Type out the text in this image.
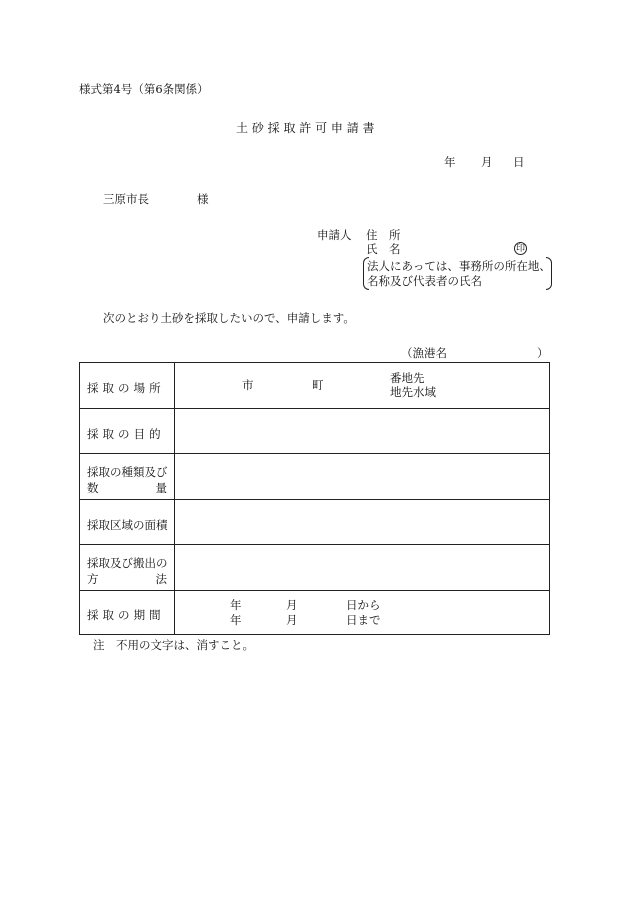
様式第4号（第6条関係）
土 砂 採 取 許 可 申 請 書
年 月 日
三原市長	様
申請人 住　所
氏　名	印
法人にあっては、事務所の所在地、
名称及び代表者の氏名
次のとおり土砂を採取したいので、申請します。
（漁港名	）
採取の場所	市	町	番地先
地先水域
採取の目的
採取の種類及び
数	量
採取区域の面積
採取及び搬出の
方	法
採取の期間
年	月	日から
年	月	日まで
注　不用の文字は、消すこと。
